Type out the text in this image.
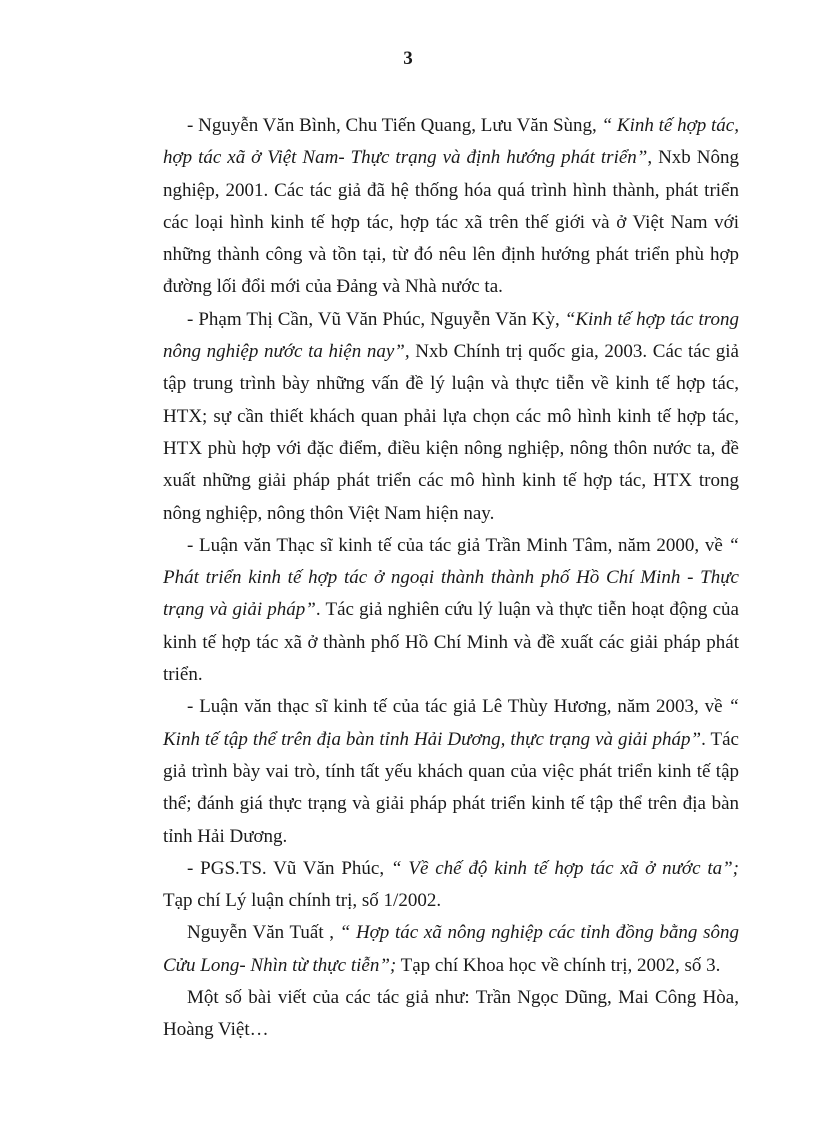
3

- Nguyễn Văn Bình, Chu Tiến Quang, Lưu Văn Sùng, “ Kinh tế hợp tác, hợp tác xã ở Việt Nam- Thực trạng và định hướng phát triển”, Nxb Nông nghiệp, 2001. Các tác giả đã hệ thống hóa quá trình hình thành, phát triển các loại hình kinh tế hợp tác, hợp tác xã trên thế giới và ở Việt Nam với những thành công và tồn tại, từ đó nêu lên định hướng phát triển phù hợp đường lối đổi mới của Đảng và Nhà nước ta.

- Phạm Thị Cần, Vũ Văn Phúc, Nguyễn Văn Kỳ, “Kinh tế hợp tác trong nông nghiệp nước ta hiện nay”, Nxb Chính trị quốc gia, 2003. Các tác giả tập trung trình bày những vấn đề lý luận và thực tiễn về kinh tế hợp tác, HTX; sự cần thiết khách quan phải lựa chọn các mô hình kinh tế hợp tác, HTX phù hợp với đặc điểm, điều kiện nông nghiệp, nông thôn nước ta, đề xuất những giải pháp phát triển các mô hình kinh tế hợp tác, HTX trong nông nghiệp, nông thôn Việt Nam hiện nay.

- Luận văn Thạc sĩ kinh tế của tác giả Trần Minh Tâm, năm 2000, về “ Phát triển kinh tế hợp tác ở ngoại thành thành phố Hồ Chí Minh - Thực trạng và giải pháp”. Tác giả nghiên cứu lý luận và thực tiễn hoạt động của kinh tế hợp tác xã ở thành phố Hồ Chí Minh và đề xuất các giải pháp phát triển.

- Luận văn thạc sĩ kinh tế của tác giả Lê Thùy Hương, năm 2003, về “ Kinh tế tập thể trên địa bàn tỉnh Hải Dương, thực trạng và giải pháp”. Tác giả trình bày vai trò, tính tất yếu khách quan của việc phát triển kinh tế tập thể; đánh giá thực trạng và giải pháp phát triển kinh tế tập thể trên địa bàn tỉnh Hải Dương.

- PGS.TS. Vũ Văn Phúc, “ Về chế độ kinh tế hợp tác xã ở nước ta”; Tạp chí Lý luận chính trị, số 1/2002.

Nguyễn Văn Tuất , “ Hợp tác xã nông nghiệp các tỉnh đồng bằng sông Cửu Long- Nhìn từ thực tiễn”; Tạp chí Khoa học về chính trị, 2002, số 3.

Một số bài viết của các tác giả như: Trần Ngọc Dũng, Mai Công Hòa, Hoàng Việt…
